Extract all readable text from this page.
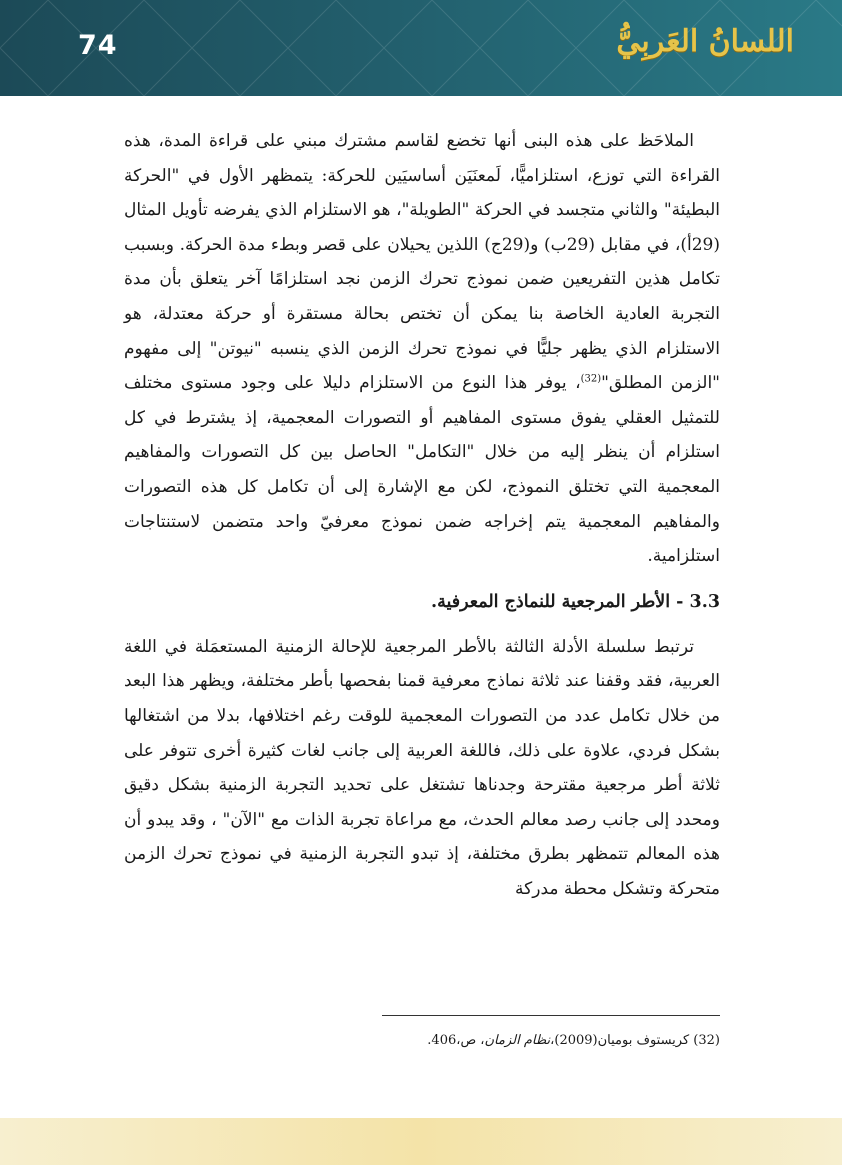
74	اللسانُ العَربِيُّ

الملاحَظ على هذه البنى أنها تخضع لقاسم مشترك مبني على قراءة المدة، هذه القراءة التي توزع، استلزاميًّا، لَمعنَيَن أساسيَين للحركة: يتمظهر الأول في "الحركة البطيئة" والثاني متجسد في الحركة "الطويلة"، هو الاستلزام الذي يفرضه تأويل المثال (29أ)، في مقابل (29ب) و(29ج) اللذين يحيلان على قصر وبطء مدة الحركة. وبسبب تكامل هذين التفريعين ضمن نموذج تحرك الزمن نجد استلزامًا آخر يتعلق بأن مدة التجربة العادية الخاصة بنا يمكن أن تختص بحالة مستقرة أو حركة معتدلة، هو الاستلزام الذي يظهر جليًّا في نموذج تحرك الزمن الذي ينسبه "نيوتن" إلى مفهوم "الزمن المطلق"$^{(32)}$، يوفر هذا النوع من الاستلزام دليلا على وجود مستوى مختلف للتمثيل العقلي يفوق مستوى المفاهيم أو التصورات المعجمية، إذ يشترط في كل استلزام أن ينظر إليه من خلال "التكامل" الحاصل بين كل التصورات والمفاهيم المعجمية التي تختلق النموذج، لكن مع الإشارة إلى أن تكامل كل هذه التصورات والمفاهيم المعجمية يتم إخراجه ضمن نموذج معرفيّ واحد متضمن لاستنتاجات استلزامية.

3.3 - الأطر المرجعية للنماذج المعرفية.

ترتبط سلسلة الأدلة الثالثة بالأطر المرجعية للإحالة الزمنية المستعمَلة في اللغة العربية، فقد وقفنا عند ثلاثة نماذج معرفية قمنا بفحصها بأطر مختلفة، ويظهر هذا البعد من خلال تكامل عدد من التصورات المعجمية للوقت رغم اختلافها، بدلا من اشتغالها بشكل فردي، علاوة على ذلك، فاللغة العربية إلى جانب لغات كثيرة أخرى تتوفر على ثلاثة أطر مرجعية مقترحة وجدناها تشتغل على تحديد التجربة الزمنية بشكل دقيق ومحدد إلى جانب رصد معالم الحدث، مع مراعاة تجربة الذات مع "الآن" ، وقد يبدو أن هذه المعالم تتمظهر بطرق مختلفة، إذ تبدو التجربة الزمنية في نموذج تحرك الزمن متحركة وتشكل محطة مدركة

(32) كريستوف بوميان(2009)،نظام الزمان، ص،406.
